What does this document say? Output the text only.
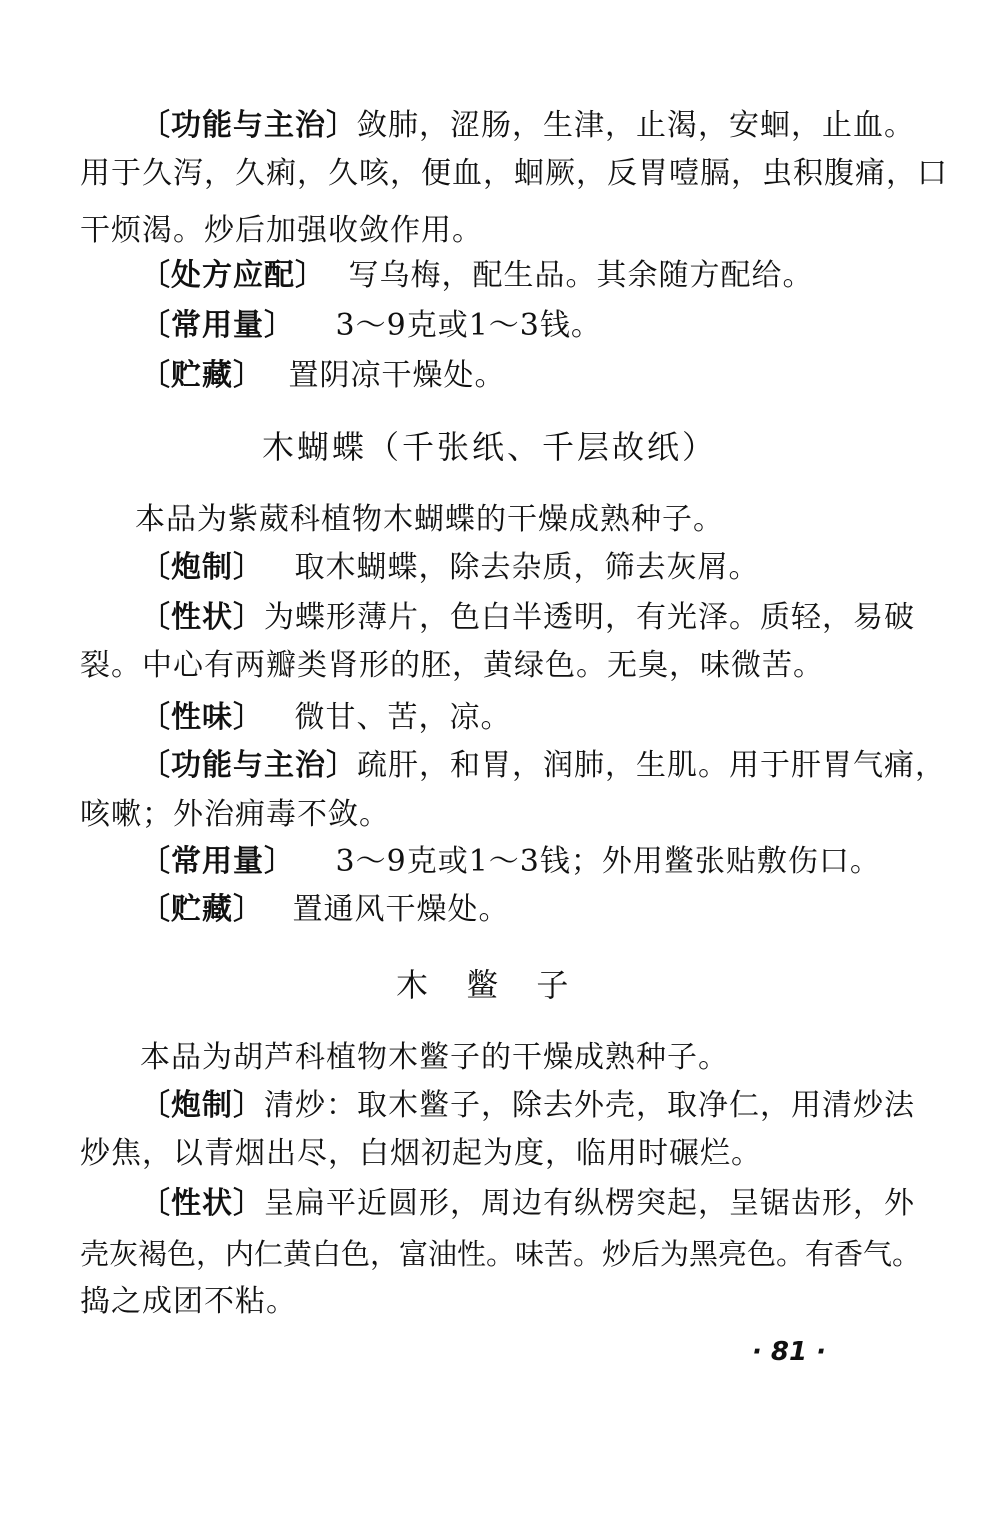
〔功能与主治〕 敛肺，涩肠，生津，止渴，安蛔，止血。
用于久泻，久痢，久咳，便血，蛔厥，反胃噎膈，虫积腹痛，口
干烦渴。炒后加强收敛作用。
〔处方应配〕 写乌梅，配生品。其余随方配给。
〔常用量〕 3～9克或1～3钱。
〔贮藏〕 置阴凉干燥处。
木蝴蝶（千张纸、千层故纸）
本品为紫葳科植物木蝴蝶的干燥成熟种子。
〔炮制〕 取木蝴蝶，除去杂质，筛去灰屑。
〔性状〕 为蝶形薄片，色白半透明，有光泽。质轻，易破
裂。中心有两瓣类肾形的胚，黄绿色。无臭，味微苦。
〔性味〕 微甘、苦，凉。
〔功能与主治〕 疏肝，和胃，润肺，生肌。用于肝胃气痛，
咳嗽；外治痈毒不敛。
〔常用量〕 3～9克或1～3钱；外用鳖张贴敷伤口。
〔贮藏〕 置通风干燥处。
木 鳖 子
本品为胡芦科植物木鳖子的干燥成熟种子。
〔炮制〕 清炒：取木鳖子，除去外壳，取净仁，用清炒法
炒焦，以青烟出尽，白烟初起为度，临用时碾烂。
〔性状〕 呈扁平近圆形，周边有纵楞突起，呈锯齿形，外
壳灰褐色，内仁黄白色，富油性。味苦。炒后为黑亮色。有香气。
捣之成团不粘。
· 81 ·
